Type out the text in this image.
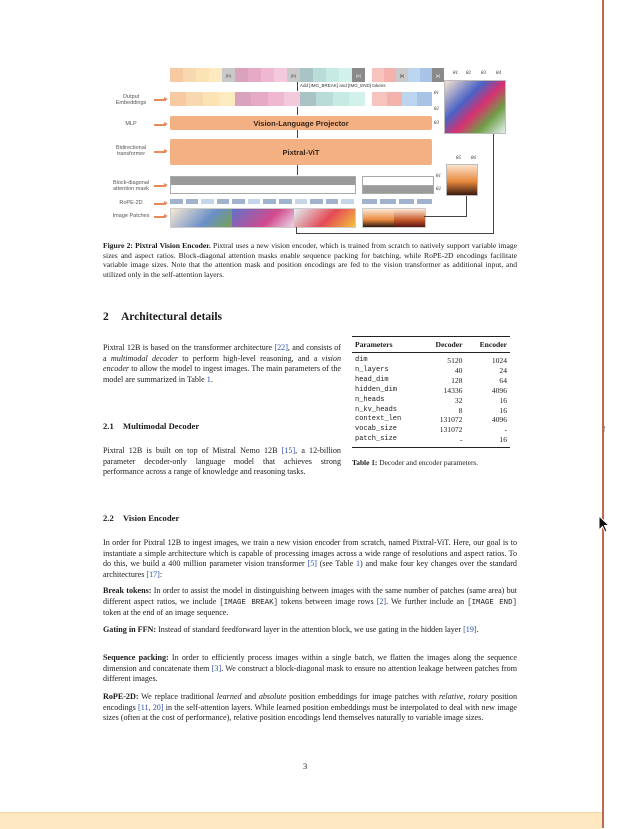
Output Embeddings
MLP
Bidirectional transformer
Block-diagonal attention mask
RoPE-2D
Image Patches
[b]	[b]	[e]	[b]	[e]
Add [IMG_BREAK] and [IMG_END] tokens
Vision-Language Projector
Pixtral-ViT
θ1 θ2 θ3 θ4
θ1
θ2
θ3
θ5 θ6
θ1
θ2
Figure 2: Pixtral Vision Encoder. Pixtral uses a new vision encoder, which is trained from scratch to natively support variable image sizes and aspect ratios. Block-diagonal attention masks enable sequence packing for batching, while RoPE-2D encodings facilitate variable image sizes. Note that the attention mask and position encodings are fed to the vision transformer as additional input, and utilized only in the self-attention layers.
2 Architectural details
Pixtral 12B is based on the transformer architecture [22], and consists of a multimodal decoder to perform high-level reasoning, and a vision encoder to allow the model to ingest images. The main parameters of the model are summarized in Table 1.
2.1 Multimodal Decoder
Pixtral 12B is built on top of Mistral Nemo 12B [15], a 12-billion parameter decoder-only language model that achieves strong performance across a range of knowledge and reasoning tasks.
Parameters	Decoder	Encoder
dim	5120	1024
n_layers	40	24
head_dim	128	64
hidden_dim	14336	4096
n_heads	32	16
n_kv_heads	8	16
context_len	131072	4096
vocab_size	131072	-
patch_size	-	16
Table 1: Decoder and encoder parameters.
2.2 Vision Encoder
In order for Pixtral 12B to ingest images, we train a new vision encoder from scratch, named Pixtral-ViT. Here, our goal is to instantiate a simple architecture which is capable of processing images across a wide range of resolutions and aspect ratios. To do this, we build a 400 million parameter vision transformer [5] (see Table 1) and make four key changes over the standard architectures [17]:
Break tokens: In order to assist the model in distinguishing between images with the same number of patches (same area) but different aspect ratios, we include [IMAGE BREAK] tokens between image rows [2]. We further include an [IMAGE END] token at the end of an image sequence.
Gating in FFN: Instead of standard feedforward layer in the attention block, we use gating in the hidden layer [19].
Sequence packing: In order to efficiently process images within a single batch, we flatten the images along the sequence dimension and concatenate them [3]. We construct a block-diagonal mask to ensure no attention leakage between patches from different images.
RoPE-2D: We replace traditional learned and absolute position embeddings for image patches with relative, rotary position encodings [11, 20] in the self-attention layers. While learned position embeddings must be interpolated to deal with new image sizes (often at the cost of performance), relative position encodings lend themselves naturally to variable image sizes.
3
f
